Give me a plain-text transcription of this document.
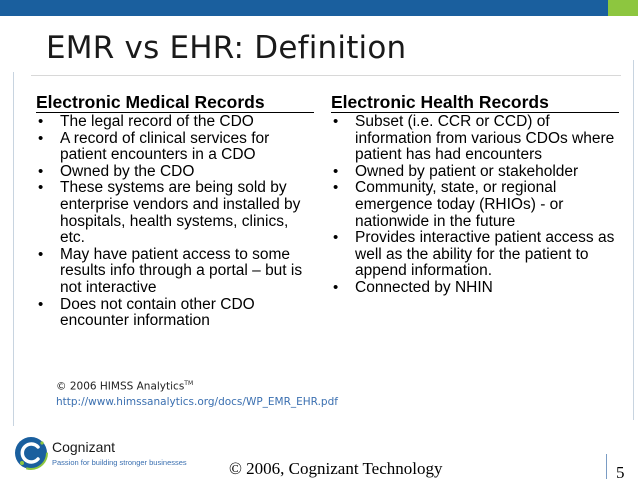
EMR vs EHR: Definition
Electronic Medical Records
• The legal record of the CDO
• A record of clinical services for patient encounters in a CDO
• Owned by the CDO
• These systems are being sold by enterprise vendors and installed by hospitals, health systems, clinics, etc.
• May have patient access to some results info through a portal – but is not interactive
• Does not contain other CDO encounter information
Electronic Health Records
• Subset (i.e. CCR or CCD) of information from various CDOs where patient has had encounters
• Owned by patient or stakeholder
• Community, state, or regional emergence today (RHIOs) - or nationwide in the future
• Provides interactive patient access as well as the ability for the patient to append information.
• Connected by NHIN
© 2006 HIMSS Analytics™
http://www.himssanalytics.org/docs/WP_EMR_EHR.pdf
Cognizant
Passion for building stronger businesses © 2006, Cognizant Technology	5
